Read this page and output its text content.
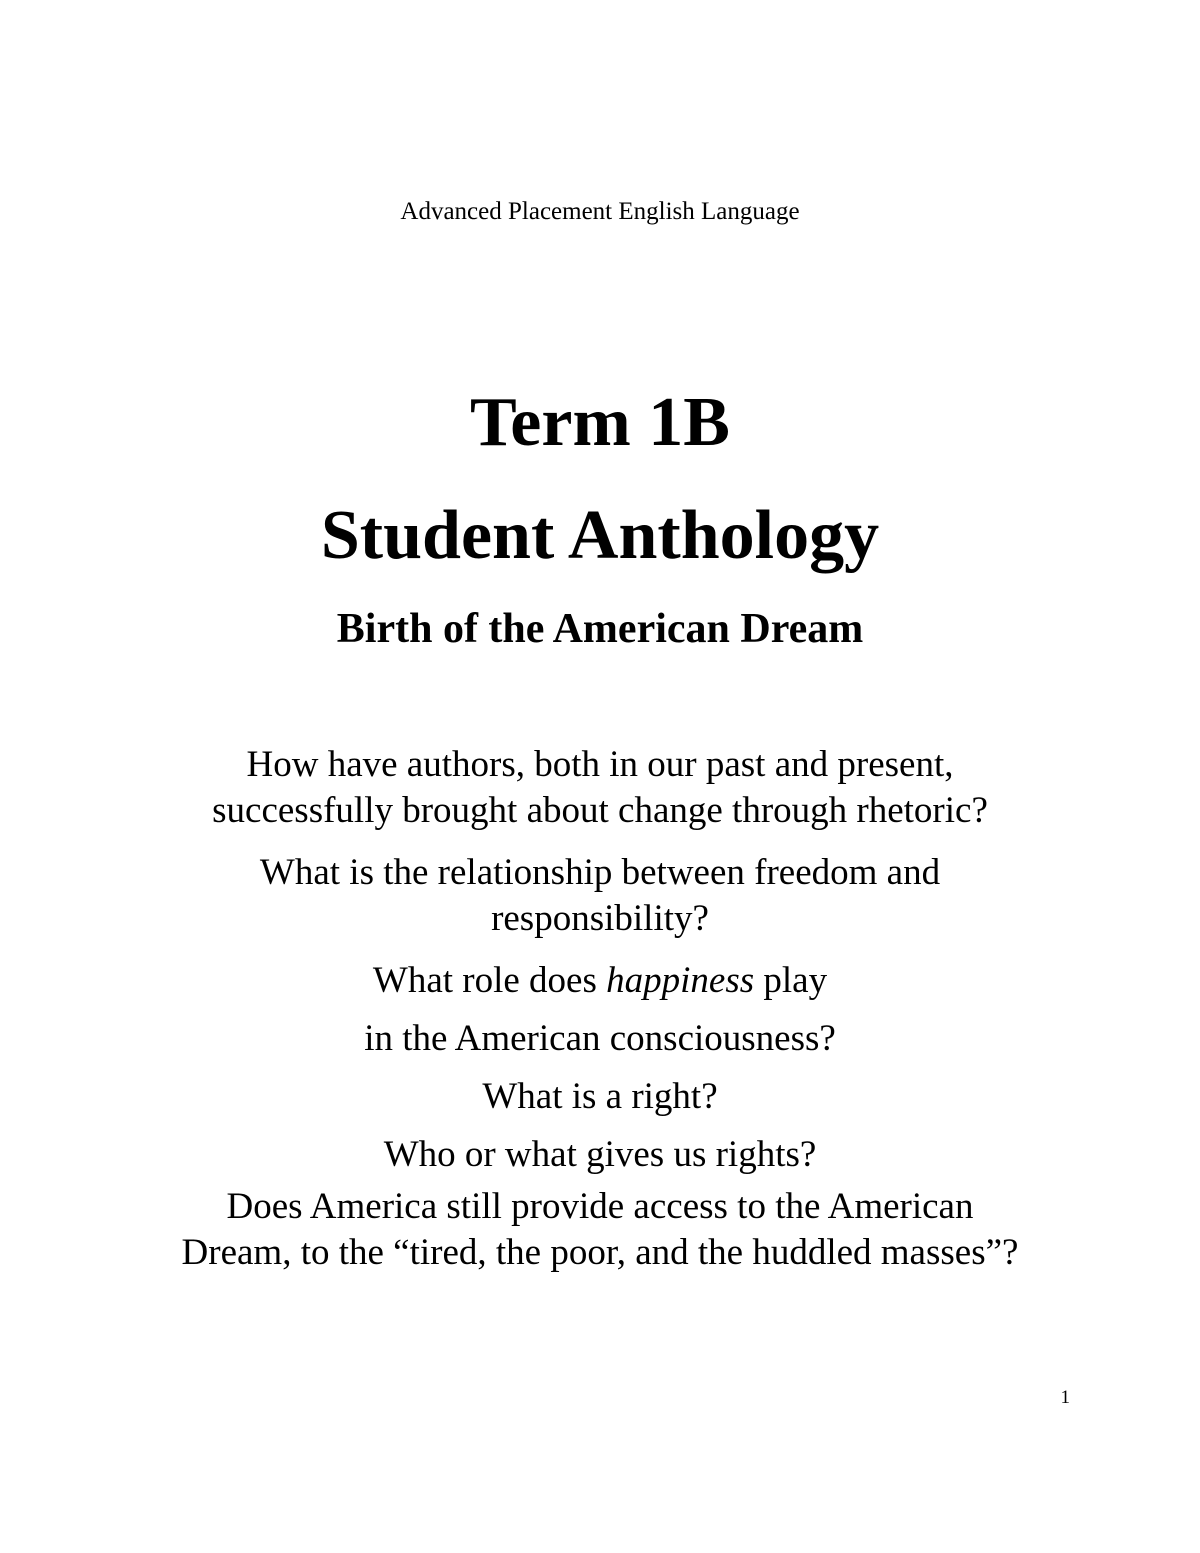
Advanced Placement English Language
Term 1B
Student Anthology
Birth of the American Dream

How have authors, both in our past and present,
successfully brought about change through rhetoric?

What is the relationship between freedom and
responsibility?

What role does happiness play
in the American consciousness?

What is a right?

Who or what gives us rights?

Does America still provide access to the American
Dream, to the “tired, the poor, and the huddled masses”?

1
